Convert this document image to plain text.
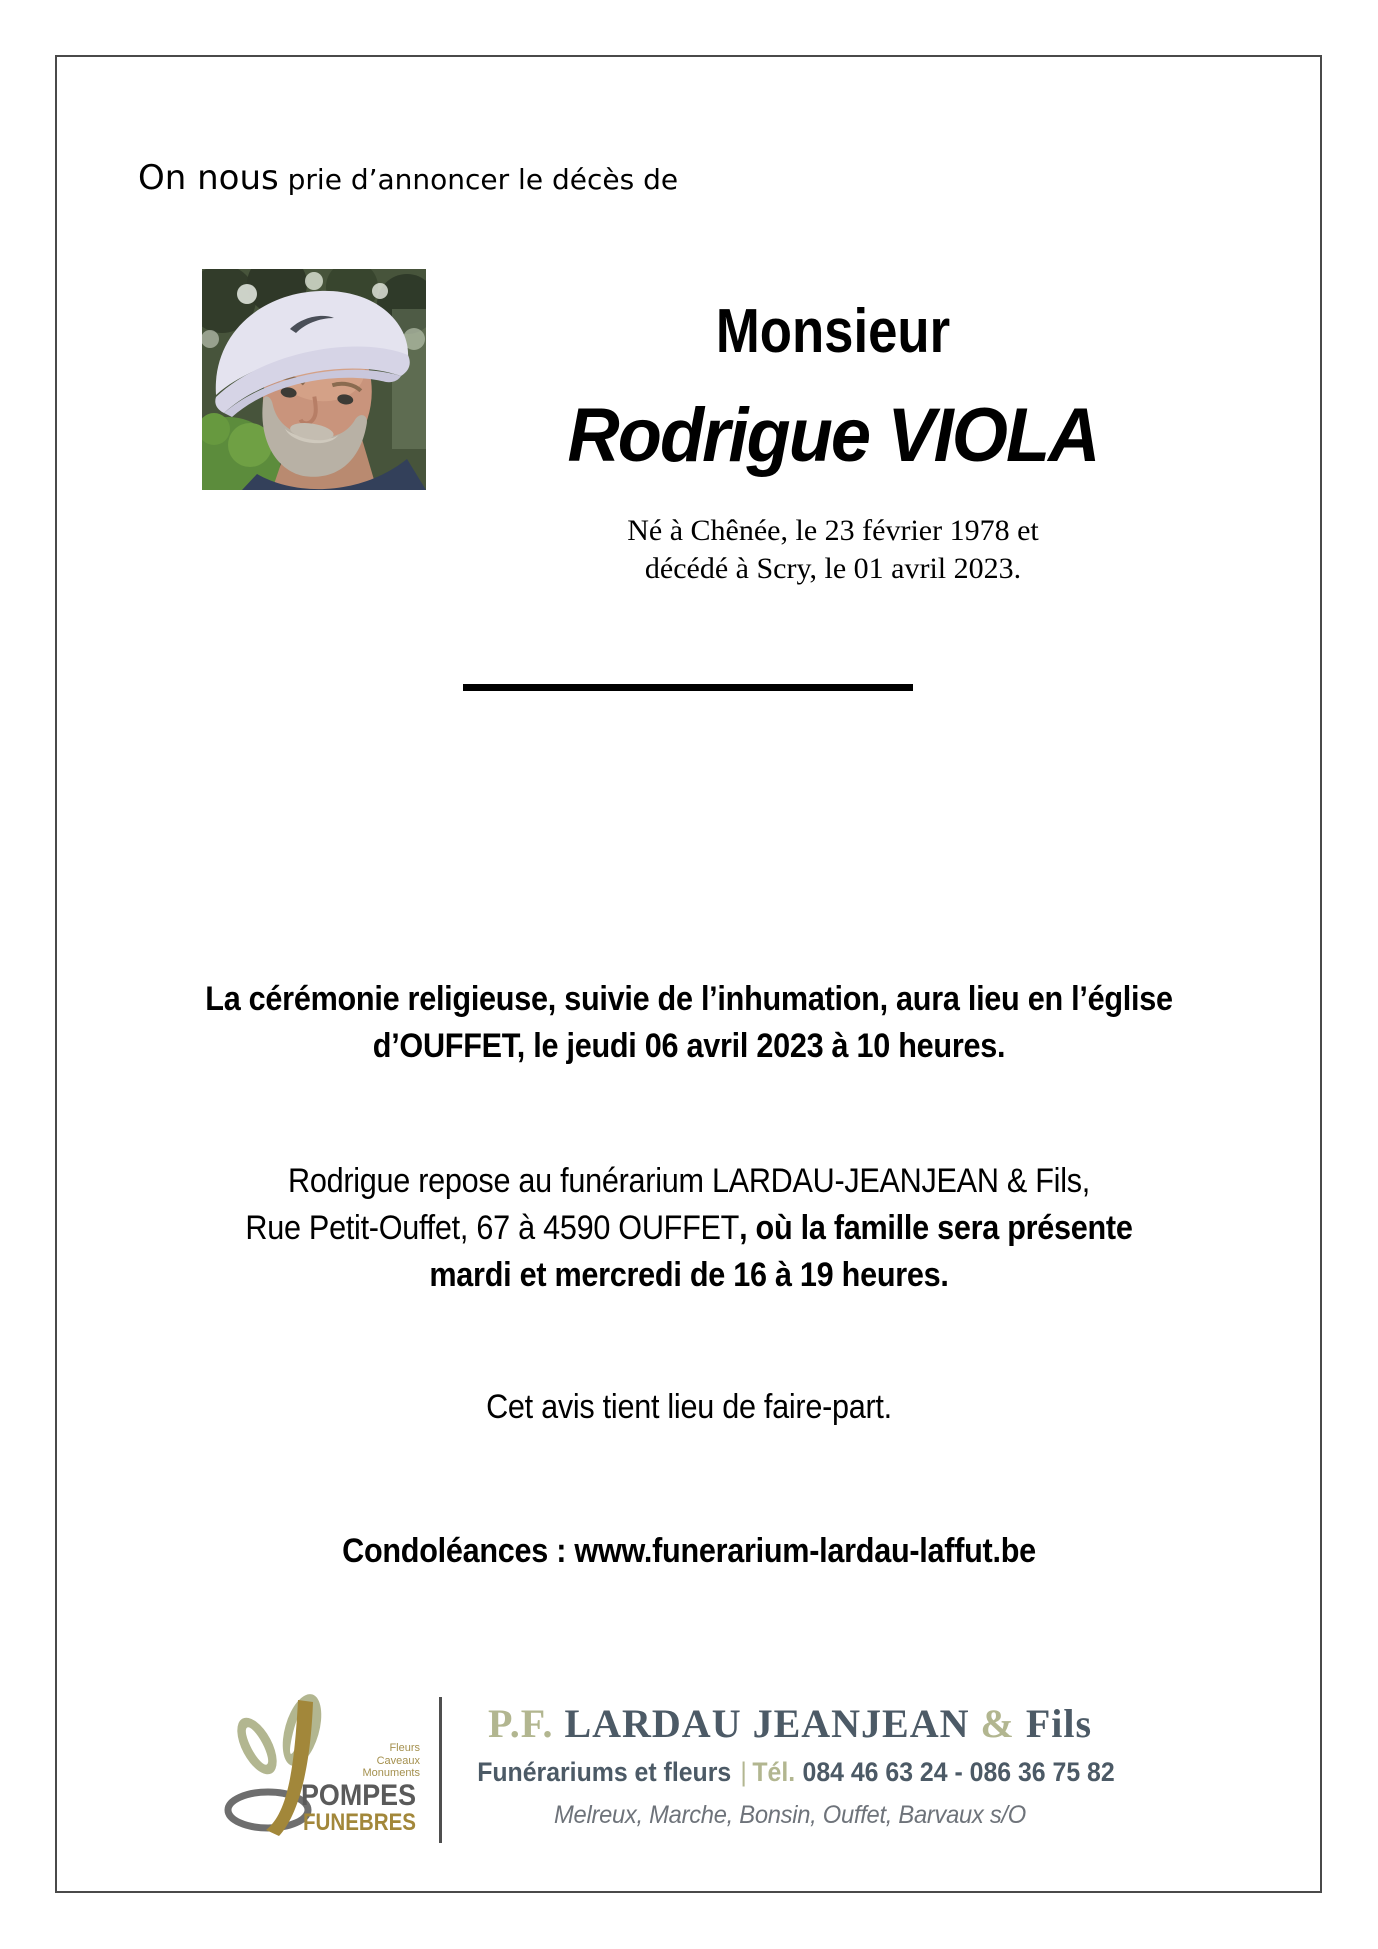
On nous prie d’annoncer le décès de
Monsieur
Rodrigue VIOLA
Né à Chênée, le 23 février 1978 et
décédé à Scry, le 01 avril 2023.
La cérémonie religieuse, suivie de l’inhumation, aura lieu en l’église
d’OUFFET, le jeudi 06 avril 2023 à 10 heures.
Rodrigue repose au funérarium LARDAU-JEANJEAN & Fils,
Rue Petit-Ouffet, 67 à 4590 OUFFET, où la famille sera présente
mardi et mercredi de 16 à 19 heures.
Cet avis tient lieu de faire-part.
Condoléances : www.funerarium-lardau-laffut.be
POMPES
FUNEBRES
Fleurs
Caveaux
Monuments
P.F. LARDAU JEANJEAN & Fils
Funérariums et fleurs | Tél. 084 46 63 24 - 086 36 75 82
Melreux, Marche, Bonsin, Ouffet, Barvaux s/O
